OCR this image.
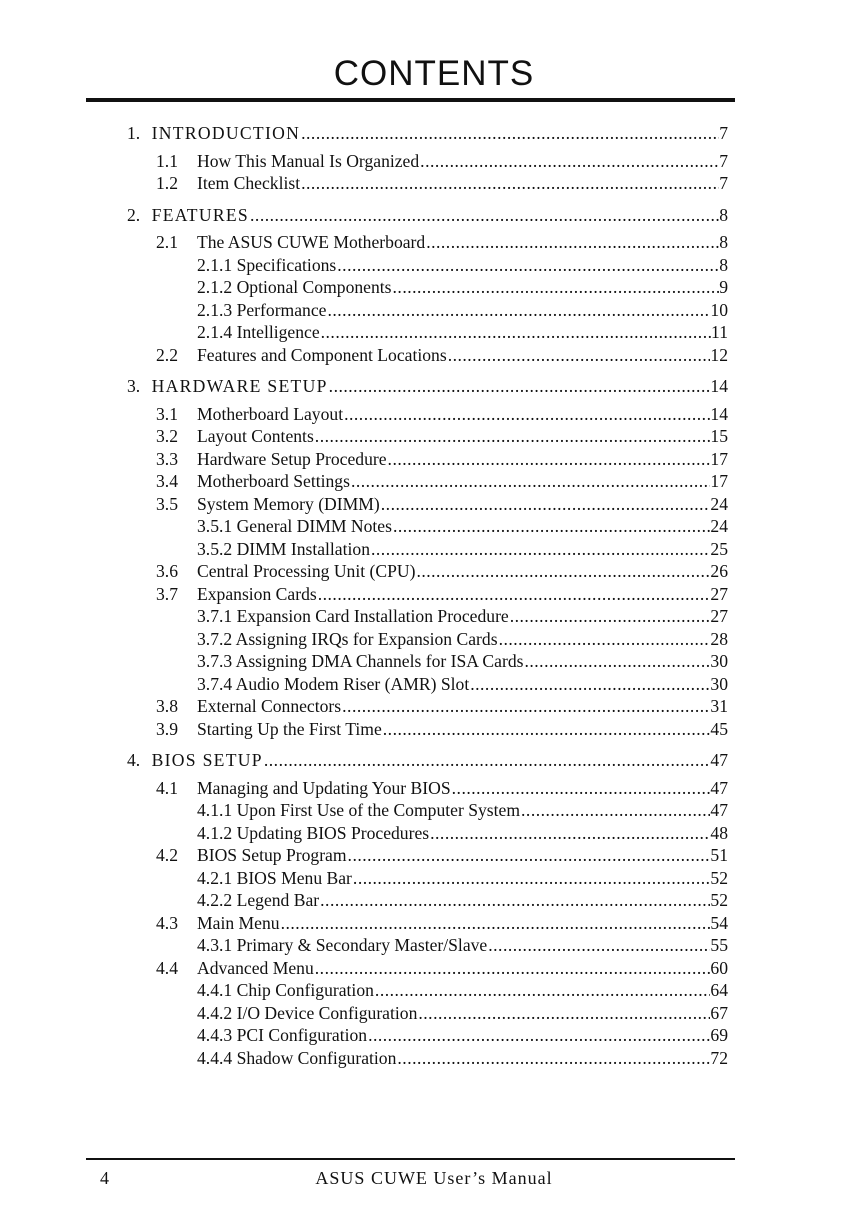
CONTENTS
1. INTRODUCTION .....	7
1.1 How This Manual Is Organized .....	7
1.2 Item Checklist .....	7
2. FEATURES .....	8
2.1 The ASUS CUWE Motherboard .....	8
2.1.1 Specifications .....	8
2.1.2 Optional Components .....	9
2.1.3 Performance .....	10
2.1.4 Intelligence .....	11
2.2 Features and Component Locations .....	12
3. HARDWARE SETUP .....	14
3.1 Motherboard Layout .....	14
3.2 Layout Contents .....	15
3.3 Hardware Setup Procedure .....	17
3.4 Motherboard Settings .....	17
3.5 System Memory (DIMM) .....	24
3.5.1 General DIMM Notes .....	24
3.5.2 DIMM Installation .....	25
3.6 Central Processing Unit (CPU) .....	26
3.7 Expansion Cards .....	27
3.7.1 Expansion Card Installation Procedure .....	27
3.7.2 Assigning IRQs for Expansion Cards .....	28
3.7.3 Assigning DMA Channels for ISA Cards .....	30
3.7.4 Audio Modem Riser (AMR) Slot .....	30
3.8 External Connectors .....	31
3.9 Starting Up the First Time .....	45
4. BIOS SETUP .....	47
4.1 Managing and Updating Your BIOS .....	47
4.1.1 Upon First Use of the Computer System .....	47
4.1.2 Updating BIOS Procedures .....	48
4.2 BIOS Setup Program .....	51
4.2.1 BIOS Menu Bar .....	52
4.2.2 Legend Bar .....	52
4.3 Main Menu .....	54
4.3.1 Primary & Secondary Master/Slave .....	55
4.4 Advanced Menu .....	60
4.4.1 Chip Configuration .....	64
4.4.2 I/O Device Configuration .....	67
4.4.3 PCI Configuration .....	69
4.4.4 Shadow Configuration .....	72
4	ASUS CUWE User’s Manual
